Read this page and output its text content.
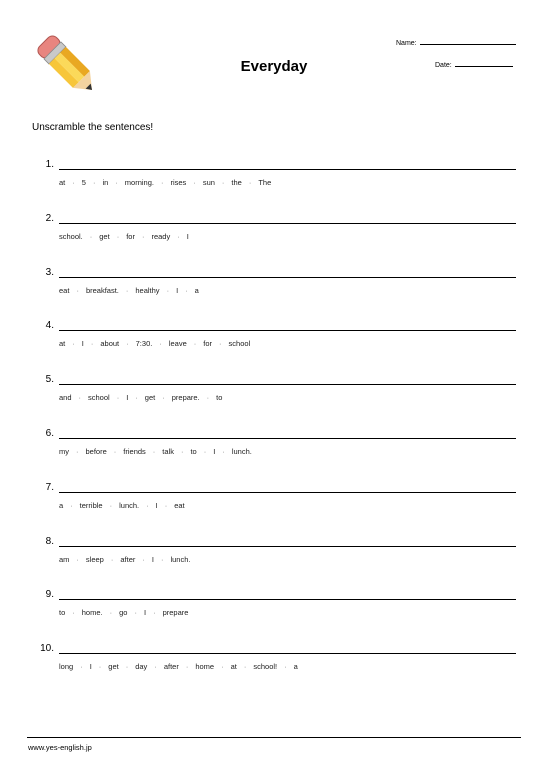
Everyday
Name:
Date:
Unscramble the sentences!
1.
at · 5 · in · morning. · rises · sun · the · The
2.
school. · get · for · ready · I
3.
eat · breakfast. · healthy · I · a
4.
at · I · about · 7:30. · leave · for · school
5.
and · school · I · get · prepare. · to
6.
my · before · friends · talk · to · I · lunch.
7.
a · terrible · lunch. · I · eat
8.
am · sleep · after · I · lunch.
9.
to · home. · go · I · prepare
10.
long · I · get · day · after · home · at · school! · a
www.yes-english.jp
